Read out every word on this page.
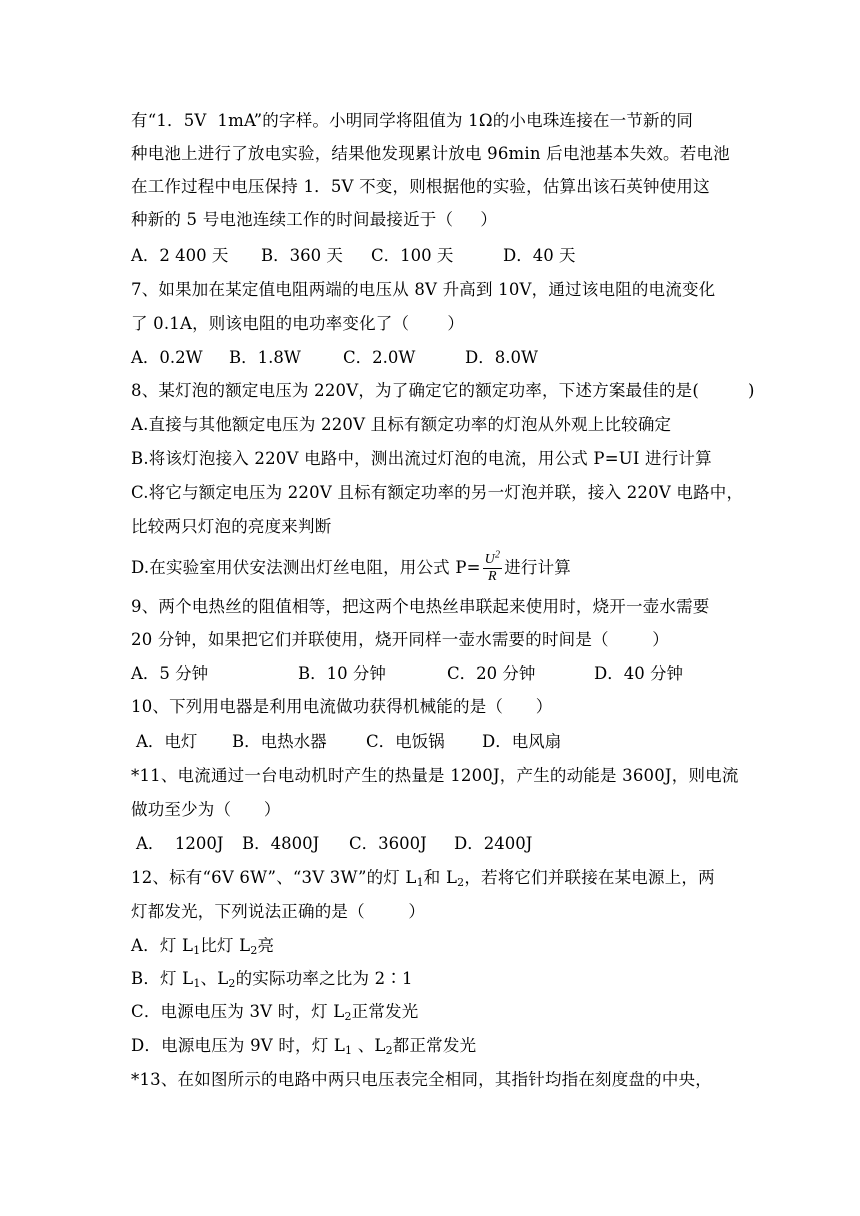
有“1．5V  1mA”的字样。小明同学将阻值为 1Ω的小电珠连接在一节新的同
种电池上进行了放电实验，结果他发现累计放电 96min 后电池基本失效。若电池
在工作过程中电压保持 1．5V 不变，则根据他的实验，估算出该石英钟使用这
种新的 5 号电池连续工作的时间最接近于（     ）

A．2 400 天

B．360 天

C．100 天

	D．40 天

7、如果加在某定值电阻两端的电压从 8V 升高到 10V，通过该电阻的电流变化
了 0.1A，则该电阻的电功率变化了（       ）

A．0.2W

B．1.8W

	C．2.0W

	D．8.0W

8、某灯泡的额定电压为 220V，为了确定它的额定功率，下述方案最佳的是(         )
A.直接与其他额定电压为 220V 且标有额定功率的灯泡从外观上比较确定
B.将该灯泡接入 220V 电路中，测出流过灯泡的电流，用公式 P=UI 进行计算
C.将它与额定电压为 220V 且标有额定功率的另一灯泡并联，接入 220V 电路中，
比较两只灯泡的亮度来判断
D.在实验室用伏安法测出灯丝电阻，用公式 $P= \frac{U^2}{R}$ 进行计算
9、两个电热丝的阻值相等，把这两个电热丝串联起来使用时，烧开一壶水需要
20 分钟，如果把它们并联使用，烧开同样一壶水需要的时间是（        ）

A．5 分钟

	B．10 分钟

	C．20 分钟

	D．40 分钟

10、下列用电器是利用电流做功获得机械能的是（      ）

A．电灯

B．电热水器

C．电饭锅

D．电风扇

*11、电流通过一台电动机时产生的热量是 1200J，产生的动能是 3600J，则电流
做功至少为（      ）

A．  1200J

B．4800J

C．3600J

D．2400J

12、标有“6V 6W”、“3V 3W”的灯 $L_1$和 $L_2$，若将它们并联接在某电源上，两
灯都发光，下列说法正确的是（        ）
A．灯 $L_1$比灯 $L_2$亮
B．灯 $L_1$、$L_2$的实际功率之比为 2∶1
C．电源电压为 3V 时，灯 $L_2$正常发光
D．电源电压为 9V 时，灯 $L_1$ 、$L_2$都正常发光
*13、在如图所示的电路中两只电压表完全相同，其指针均指在刻度盘的中央，
